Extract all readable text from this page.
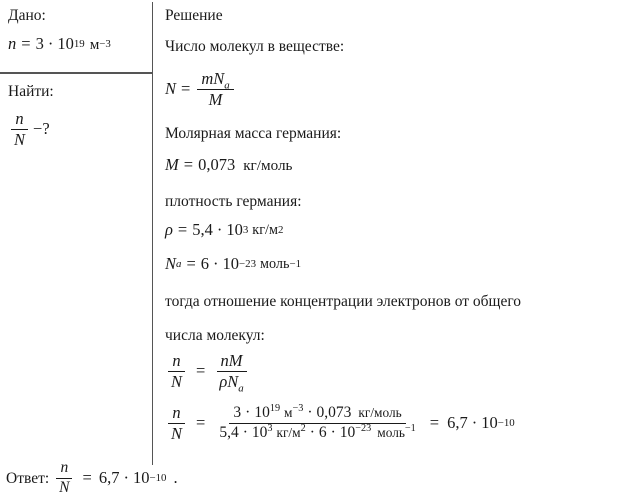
Дано:
n = 3 · 10 19 м −3
Найти:
$\frac{n}{N}$ −?
Решение
Число молекул в веществе:
$N = \frac{mN_a}{M}$
Молярная масса германия:
M = 0,073 кг/моль
плотность германия:
ρ = 5,4 · 10 3 кг/м 2
N a = 6 · 10 −23 моль −1
тогда отношение концентрации электронов от общего
числа молекул:
$\frac{n}{N} = \frac{nM}{\rho N_a}$
$\frac{n}{N} = \frac{3 \cdot 10^{19} м^{-3} \cdot 0,073 кг/моль}{5,4 \cdot 10^3 кг/м^2 \cdot 6 \cdot 10^{-23} моль^{-1}} = 6,7 \cdot 10 -10$
Ответ: $\frac{n}{N} = 6,7 \cdot 10 -10$ .
